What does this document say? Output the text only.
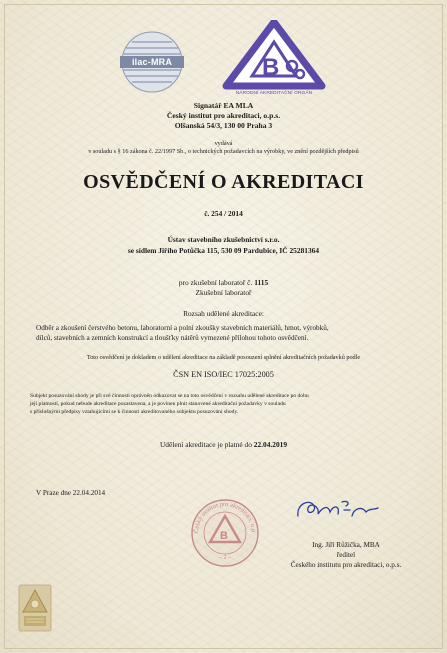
ilac-MRA	B
NÁRODNÍ AKREDITAČNÍ ORGÁN
Signatář EA MLA
Český institut pro akreditaci, o.p.s.
Olšanská 54/3, 130 00 Praha 3
vydává
v souladu s § 16 zákona č. 22/1997 Sb., o technických požadavcích na výrobky, ve znění pozdějších předpisů
OSVĚDČENÍ O AKREDITACI
č. 254 / 2014
Ústav stavebního zkušebnictví s.r.o.
se sídlem Jiřího Potůčka 115, 530 09 Pardubice, IČ 25281364
pro zkušební laboratoř č. 1115
Zkušební laboratoř
Rozsah udělené akreditace:
Odběr a zkoušení čerstvého betonu, laboratorní a polní zkoušky stavebních materiálů, hmot, výrobků,
dílců, stavebních a zemních konstrukcí a tloušťky nátěrů vymezené přílohou tohoto osvědčení.
Toto osvědčení je dokladem o udělení akreditace na základě posouzení splnění akreditačních požadavků podle
ČSN EN ISO/IEC 17025:2005
Subjekt posuzování shody je při své činnosti oprávněn odkazovat se na toto osvědčení v rozsahu udělené akreditace po dobu
její platnosti, pokud nebude akreditace pozastavena, a je povinen plnit stanovené akreditační požadavky v souladu
s příslušnými předpisy vztahujícími se k činnosti akreditovaného subjektu posuzování shody.
Udělení akreditace je platné do 22.04.2019
V Praze dne 22.04.2014
B
Český institut pro akreditaci, o.p
– 2 –
Ing. Jiří Růžička, MBA
ředitel
Českého institutu pro akreditaci, o.p.s.
